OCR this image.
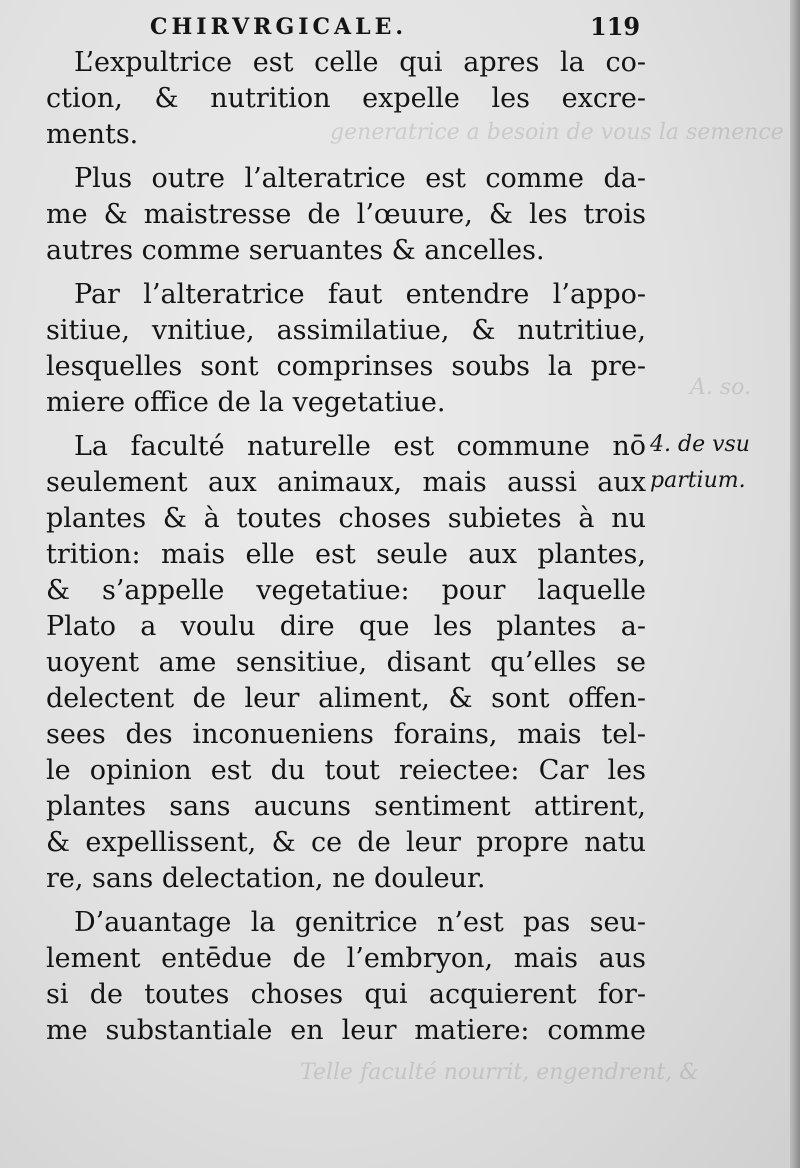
generatrice a besoin de vous la semence
A. so.
Telle faculté nourrit, engendrent, &
CHIRVRGICALE.	119
L’expultrice est celle qui apres la co-
ction, & nutrition expelle les excre-
ments.
Plus outre l’alteratrice est comme da-
me & maistresse de l’œuure, & les trois
autres comme seruantes & ancelles.
Par l’alteratrice faut entendre l’appo-
sitiue, vnitiue, assimilatiue, & nutritiue,
lesquelles sont comprinses soubs la pre-
miere office de la vegetatiue.
La faculté naturelle est commune nō
seulement aux animaux, mais aussi aux
plantes & à toutes choses subietes à nu
trition: mais elle est seule aux plantes,
& s’appelle vegetatiue: pour laquelle
Plato a voulu dire que les plantes a-
uoyent ame sensitiue, disant qu’elles se
delectent de leur aliment, & sont offen-
sees des inconueniens forains, mais tel-
le opinion est du tout reiectee: Car les
plantes sans aucuns sentiment attirent,
& expellissent, & ce de leur propre natu
re, sans delectation, ne douleur.
D’auantage la genitrice n’est pas seu-
lement entēdue de l’embryon, mais aus
si de toutes choses qui acquierent for-
me substantiale en leur matiere: comme
4. de vsu
partium.
